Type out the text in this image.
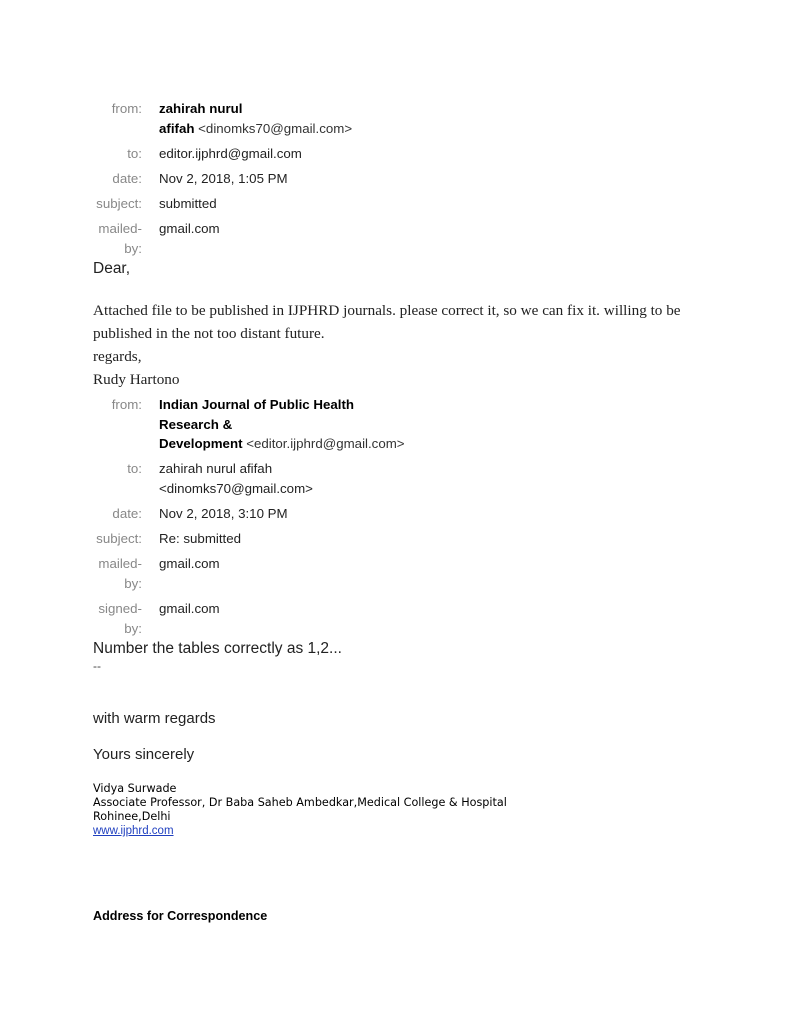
from: zahirah nurul
afifah <dinomks70@gmail.com>
to: editor.ijphrd@gmail.com
date: Nov 2, 2018, 1:05 PM
subject: submitted
mailed-
by:
gmail.com
Dear,
Attached file to be published in IJPHRD journals. please correct it, so we can fix it. willing to be
published in the not too distant future.
regards,
Rudy Hartono
from: Indian Journal of Public Health
Research &
Development <editor.ijphrd@gmail.com>
to: zahirah nurul afifah
<dinomks70@gmail.com>
date: Nov 2, 2018, 3:10 PM
subject: Re: submitted
mailed-
by:
gmail.com
signed-
by:
gmail.com
Number the tables correctly as 1,2...
--
with warm regards
Yours sincerely
Vidya Surwade
Associate Professor, Dr Baba Saheb Ambedkar,Medical College & Hospital
Rohinee,Delhi
www.ijphrd.com
Address for Correspondence
